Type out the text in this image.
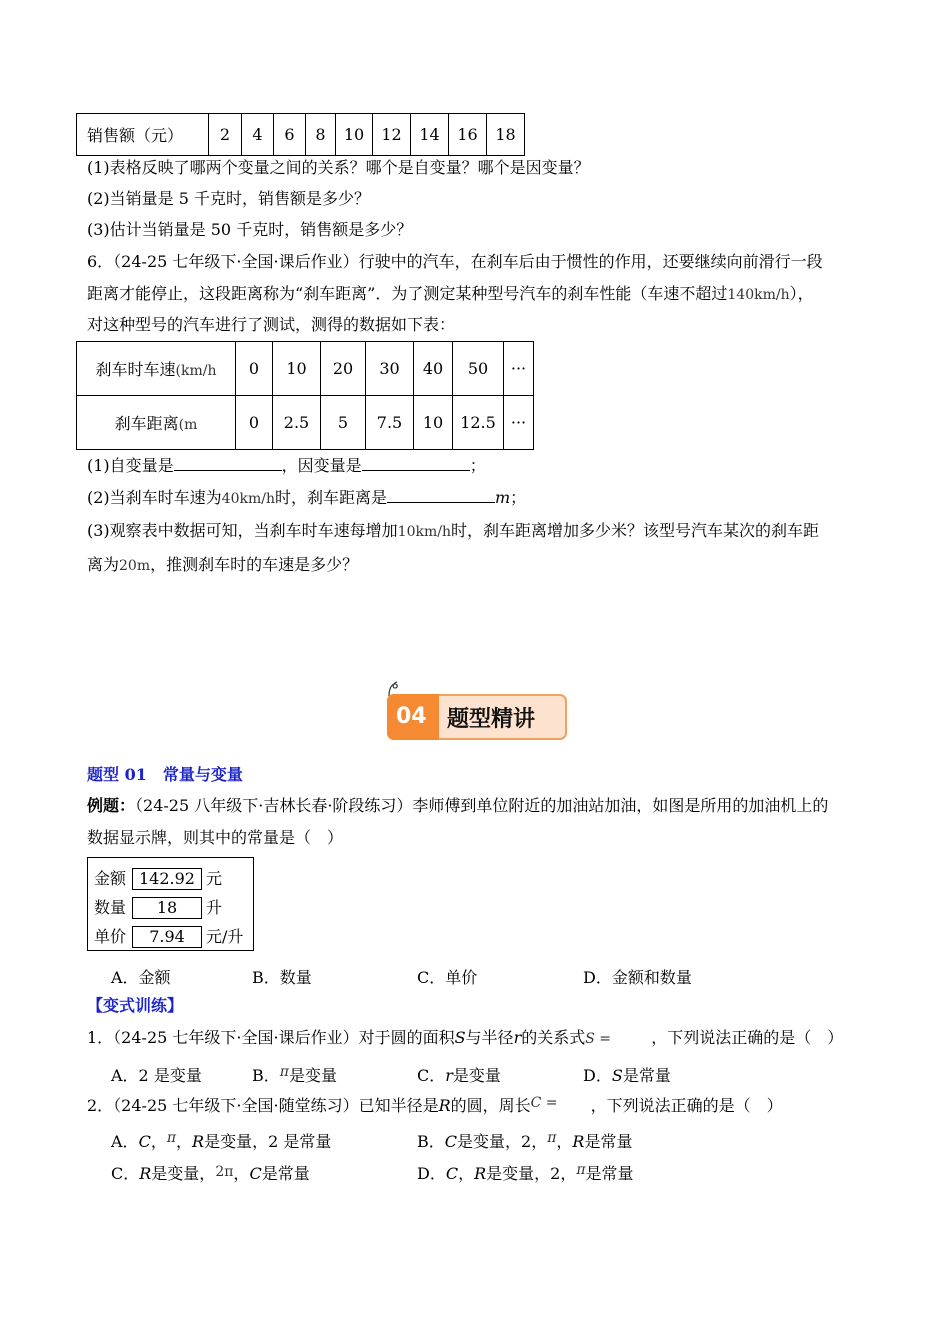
销售额（元）	2	4	6	8	10	12	14	16	18
(1)表格反映了哪两个变量之间的关系？哪个是自变量？哪个是因变量？
(2)当销量是 5 千克时，销售额是多少？
(3)估计当销量是 50 千克时，销售额是多少？
6．（24-25 七年级下·全国·课后作业）行驶中的汽车，在刹车后由于惯性的作用，还要继续向前滑行一段
距离才能停止，这段距离称为“刹车距离”．为了测定某种型号汽车的刹车性能（车速不超过140km/h），
对这种型号的汽车进行了测试，测得的数据如下表：
刹车时车速(km/h	0	10	20	30	40	50	···
刹车距离(m	0	2.5	5	7.5	10	12.5	···
(1)自变量是	，因变量是	；
(2)当刹车时车速为40km/h时，刹车距离是	m；
(3)观察表中数据可知，当刹车时车速每增加10km/h时，刹车距离增加多少米？该型号汽车某次的刹车距
离为20m，推测刹车时的车速是多少？
04 题型精讲
题型 01　常量与变量
例题：（24-25 八年级下·吉林长春·阶段练习）李师傅到单位附近的加油站加油，如图是所用的加油机上的
数据显示牌，则其中的常量是（　）
金额 142.92 元
数量 18 升
单价 7.94 元/升
A．金额	B．数量	C．单价	D．金额和数量
【变式训练】
1．（24-25 七年级下·全国·课后作业）对于圆的面积S与半径r的关系式S =	，下列说法正确的是（　）
A．2 是变量	B．π是变量	C．r是变量	D．S是常量
2．（24-25 七年级下·全国·随堂练习）已知半径是R的圆，周长C = ，下列说法正确的是（　）
A．C，π，R是变量，2 是常量	B．C是变量，2，π，R是常量
C．R是变量，2π，C是常量	D．C，R是变量，2，π是常量
